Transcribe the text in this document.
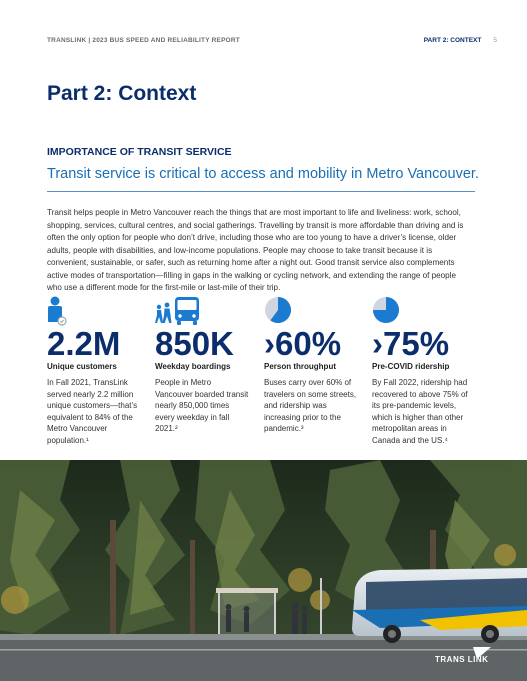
TRANSLINK | 2023 BUS SPEED AND RELIABILITY REPORT	PART 2: CONTEXT 5
Part 2: Context
IMPORTANCE OF TRANSIT SERVICE
Transit service is critical to access and mobility in Metro Vancouver.
Transit helps people in Metro Vancouver reach the things that are most important to life and liveliness: work, school, shopping, services, cultural centres, and social gatherings. Travelling by transit is more affordable than driving and is often the only option for people who don’t drive, including those who are too young to have a driver’s license, older adults, people with disabilities, and low-income populations. People may choose to take transit because it is convenient, sustainable, or safer, such as returning home after a night out. Good transit service also complements active modes of transportation—filling in gaps in the walking or cycling network, and extending the range of people who use a different mode for the first-mile or last-mile of their trip.
2.2M
Unique customers
In Fall 2021, TransLink served nearly 2.2 million unique customers—that’s equivalent to 84% of the Metro Vancouver population.¹
850K
Weekday boardings
People in Metro Vancouver boarded transit nearly 850,000 times every weekday in fall 2021.²
›60%
Person throughput
Buses carry over 60% of travelers on some streets, and ridership was increasing prior to the pandemic.³
›75%
Pre-COVID ridership
By Fall 2022, ridership had recovered to above 75% of its pre-pandemic levels, which is higher than other metropolitan areas in Canada and the US.⁴
TRANS LINK
